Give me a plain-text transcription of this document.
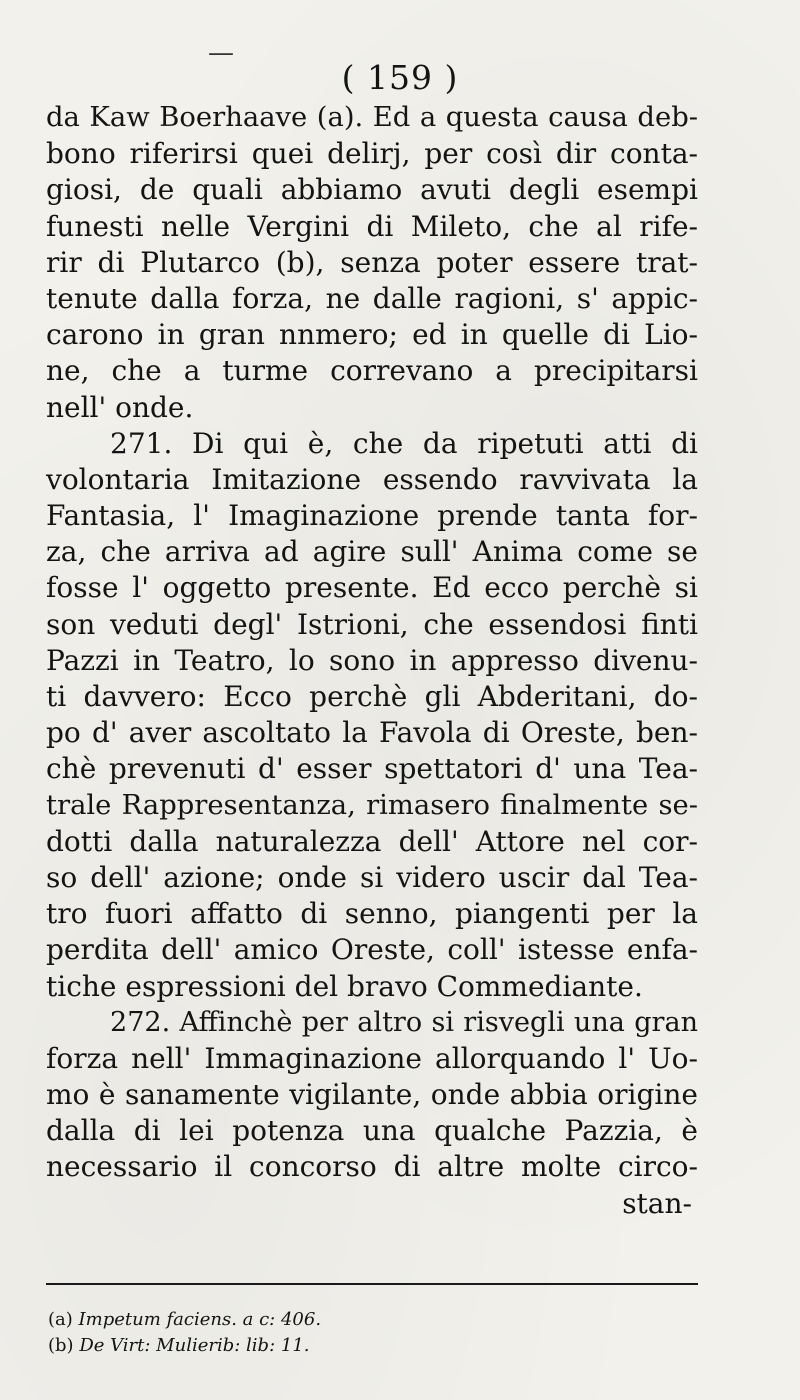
—
( 159 )
da Kaw Boerhaave (a). Ed a questa causa deb-
bono riferirsi quei delirj, per così dir conta-
giosi, de quali abbiamo avuti degli esempi
funesti nelle Vergini di Mileto, che al rife-
rir di Plutarco (b), senza poter essere trat-
tenute dalla forza, ne dalle ragioni, s' appic-
carono in gran nnmero; ed in quelle di Lio-
ne, che a turme correvano a precipitarsi
nell' onde.
271. Di qui è, che da ripetuti atti di
volontaria Imitazione essendo ravvivata la
Fantasia, l' Imaginazione prende tanta for-
za, che arriva ad agire sull' Anima come se
fosse l' oggetto presente. Ed ecco perchè si
son veduti degl' Istrioni, che essendosi finti
Pazzi in Teatro, lo sono in appresso divenu-
ti davvero: Ecco perchè gli Abderitani, do-
po d' aver ascoltato la Favola di Oreste, ben-
chè prevenuti d' esser spettatori d' una Tea-
trale Rappresentanza, rimasero finalmente se-
dotti dalla naturalezza dell' Attore nel cor-
so dell' azione; onde si videro uscir dal Tea-
tro fuori affatto di senno, piangenti per la
perdita dell' amico Oreste, coll' istesse enfa-
tiche espressioni del bravo Commediante.
272. Affinchè per altro si risvegli una gran
forza nell' Immaginazione allorquando l' Uo-
mo è sanamente vigilante, onde abbia origine
dalla di lei potenza una qualche Pazzia, è
necessario il concorso di altre molte circo-
stan-
(a) Impetum faciens. a c: 406.
(b) De Virt: Mulierib: lib: 11.
